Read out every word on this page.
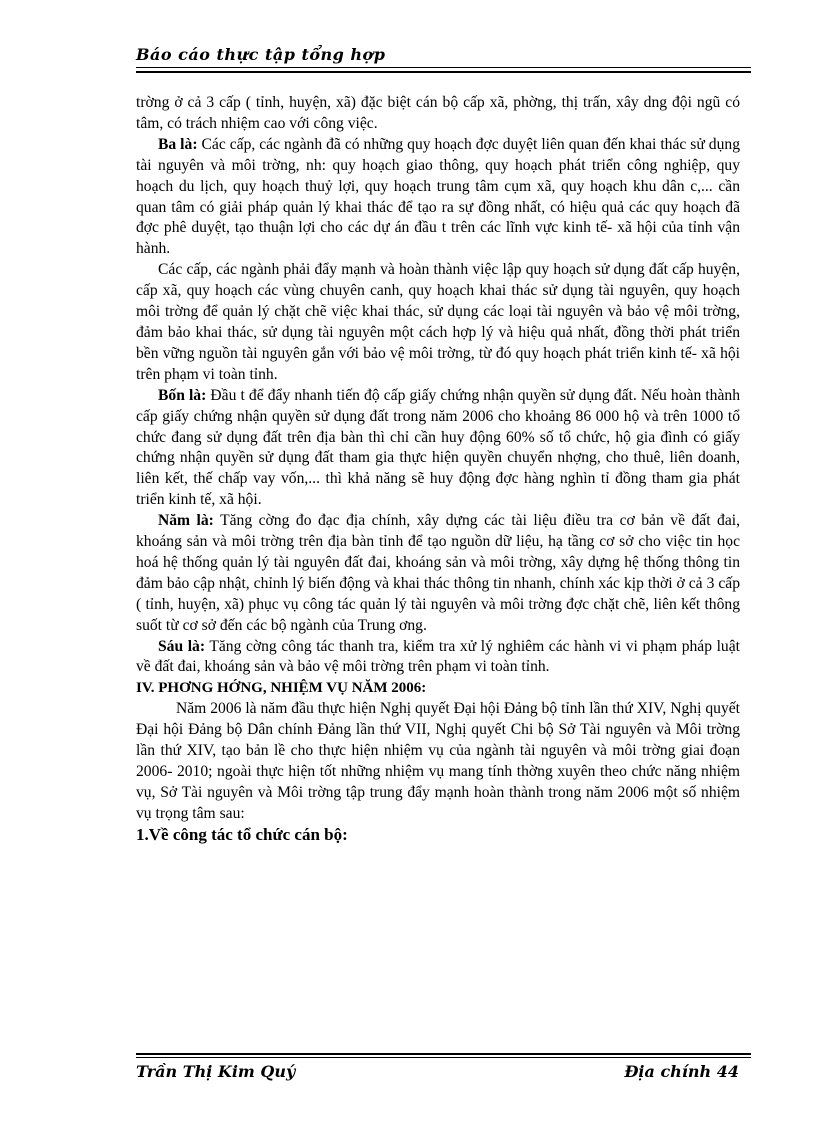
Báo cáo thực tập tổng hợp

trờng ở cả 3 cấp ( tỉnh, huyện, xã) đặc biệt cán bộ cấp xã, phờng, thị trấn, xây dng đội ngũ có tâm, có trách nhiệm cao với công việc.

Ba là: Các cấp, các ngành đã có những quy hoạch đợc duyệt liên quan đến khai thác sử dụng tài nguyên và môi trờng, nh: quy hoạch giao thông, quy hoạch phát triển công nghiệp, quy hoạch du lịch, quy hoạch thuỷ lợi, quy hoạch trung tâm cụm xã, quy hoạch khu dân c,... cần quan tâm có giải pháp quản lý khai thác để tạo ra sự đồng nhất, có hiệu quả các quy hoạch đã đợc phê duyệt, tạo thuận lợi cho các dự án đầu t trên các lĩnh vực kinh tế- xã hội của tỉnh vận hành.

Các cấp, các ngành phải đẩy mạnh và hoàn thành việc lập quy hoạch sử dụng đất cấp huyện, cấp xã, quy hoạch các vùng chuyên canh, quy hoạch khai thác sử dụng tài nguyên, quy hoạch môi trờng để quản lý chặt chẽ việc khai thác, sử dụng các loại tài nguyên và bảo vệ môi trờng, đảm bảo khai thác, sử dụng tài nguyên một cách hợp lý và hiệu quả nhất, đồng thời phát triển bền vững nguồn tài nguyên gắn với bảo vệ môi trờng, từ đó quy hoạch phát triển kinh tế- xã hội trên phạm vi toàn tỉnh.

Bốn là: Đầu t để đẩy nhanh tiến độ cấp giấy chứng nhận quyền sử dụng đất. Nếu hoàn thành cấp giấy chứng nhận quyền sử dụng đất trong năm 2006 cho khoảng 86 000 hộ và trên 1000 tổ chức đang sử dụng đất trên địa bàn thì chỉ cần huy động 60% số tổ chức, hộ gia đình có giấy chứng nhận quyền sử dụng đất tham gia thực hiện quyền chuyển nhợng, cho thuê, liên doanh, liên kết, thế chấp vay vốn,... thì khả năng sẽ huy động đợc hàng nghìn tỉ đồng tham gia phát triển kinh tế, xã hội.

Năm là: Tăng cờng đo đạc địa chính, xây dựng các tài liệu điều tra cơ bản về đất đai, khoáng sản và môi trờng trên địa bàn tỉnh để tạo nguồn dữ liệu, hạ tầng cơ sở cho việc tin học hoá hệ thống quản lý tài nguyên đất đai, khoáng sản và môi trờng, xây dựng hệ thống thông tin đảm bảo cập nhật, chỉnh lý biến động và khai thác thông tin nhanh, chính xác kịp thời ở cả 3 cấp ( tỉnh, huyện, xã) phục vụ công tác quản lý tài nguyên và môi trờng đợc chặt chẽ, liên kết thông suốt từ cơ sở đến các bộ ngành của Trung ơng.

Sáu là: Tăng cờng công tác thanh tra, kiểm tra xử lý nghiêm các hành vi vi phạm pháp luật về đất đai, khoáng sản và bảo vệ môi trờng trên phạm vi toàn tỉnh.

IV. PHƠNG HỚNG, NHIỆM VỤ NĂM 2006:

Năm 2006 là năm đầu thực hiện Nghị quyết Đại hội Đảng bộ tỉnh lần thứ XIV, Nghị quyết Đại hội Đảng bộ Dân chính Đảng lần thứ VII, Nghị quyết Chi bộ Sở Tài nguyên và Môi trờng lần thứ XIV, tạo bản lề cho thực hiện nhiệm vụ của ngành tài nguyên và môi trờng giai đoạn 2006- 2010; ngoài thực hiện tốt những nhiệm vụ mang tính thờng xuyên theo chức năng nhiệm vụ, Sở Tài nguyên và Môi trờng tập trung đẩy mạnh hoàn thành trong năm 2006 một số nhiệm vụ trọng tâm sau:

1.Về công tác tổ chức cán bộ:

Trần Thị Kim Quý	Địa chính 44
